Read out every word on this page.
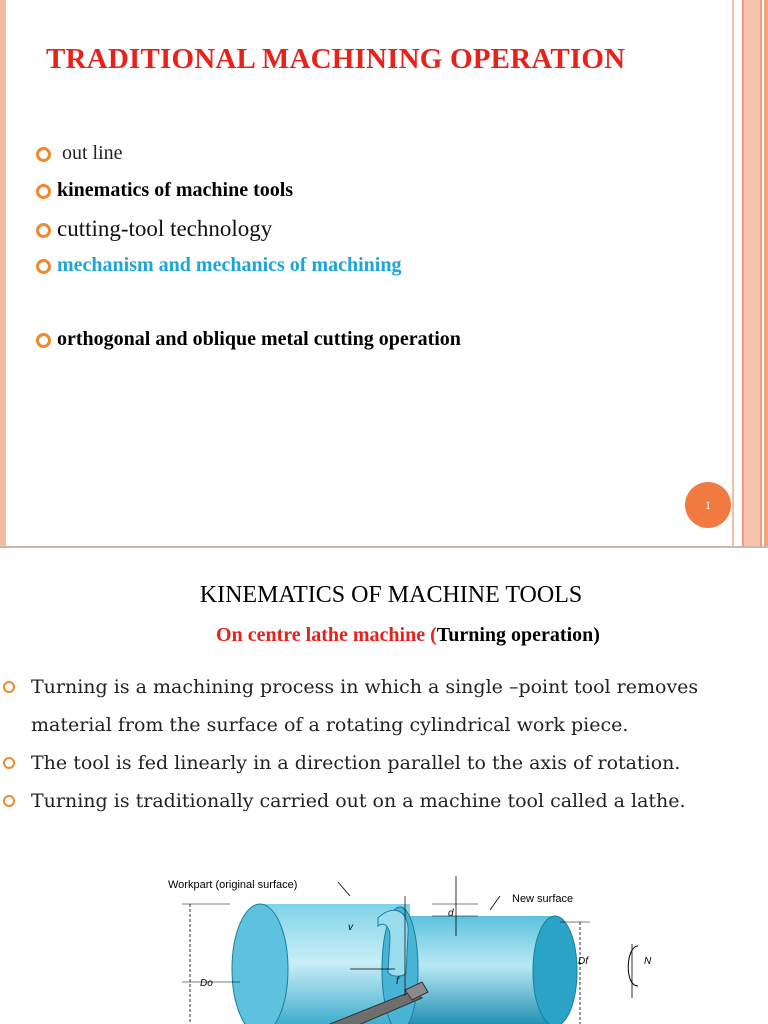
TRADITIONAL MACHINING OPERATION
out line
kinematics of machine tools
cutting-tool technology
mechanism and mechanics of machining
orthogonal and oblique metal cutting operation
1
KINEMATICS OF MACHINE TOOLS

On centre lathe machine (Turning operation)

Turning is a machining process in which a single –point tool removes material from the surface of a rotating cylindrical work piece.
The tool is fed linearly in a direction parallel to the axis of rotation.
Turning is traditionally carried out on a machine tool called a lathe.
Workpart (original surface)
New surface
v
d
f
Do
Df	N
